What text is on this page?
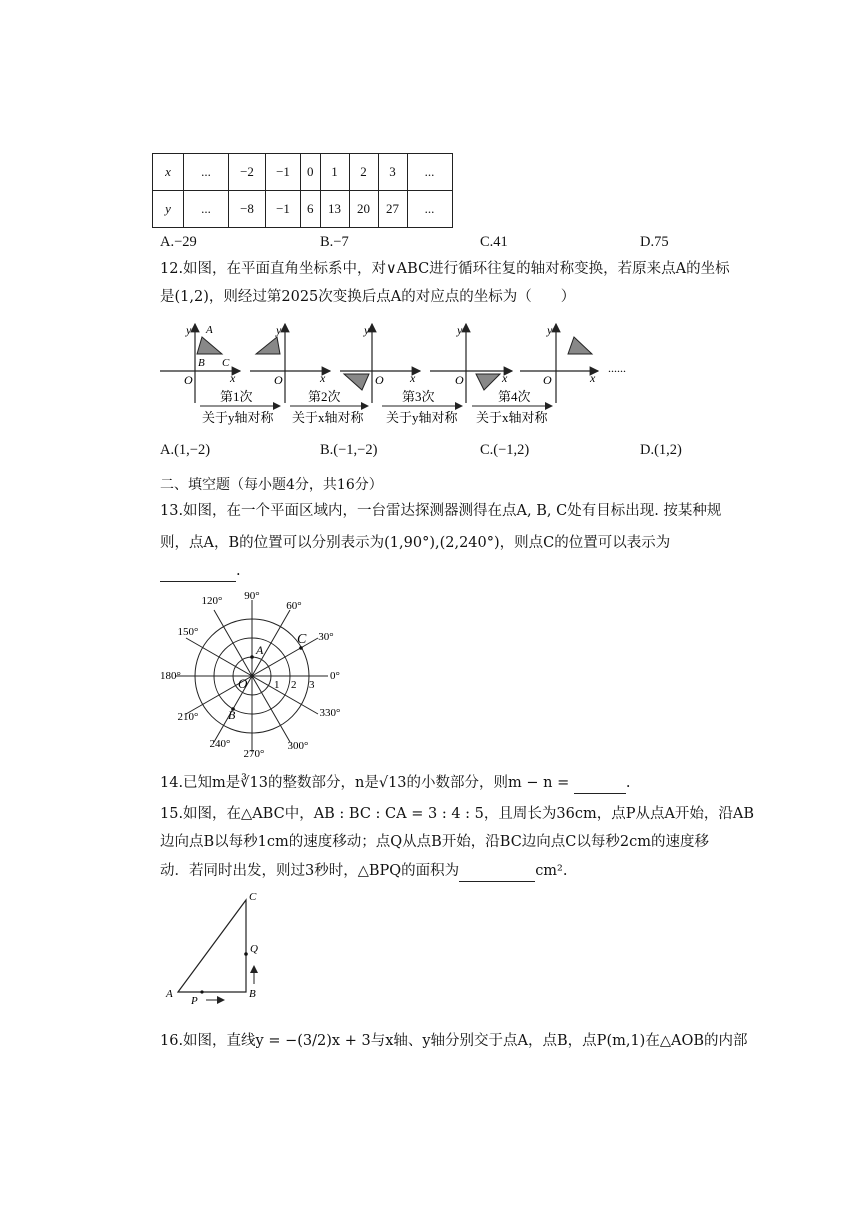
x	...	−2	−1	0	1	2	3	...
y	...	−8	−1	6	13	20	27	...
A.−29	B.−7	C.41	D.75
12.如图，在平面直角坐标系中，对∨ABC进行循环往复的轴对称变换，若原来点A的坐标
是(1,2)，则经过第2025次变换后点A的对应点的坐标为（　　）
y
x
O
A
B C
y
x
O
y
x
O
y
x
O
y
x
O
......
第1次
关于y轴对称
第2次
关于x轴对称
第3次
关于y轴对称
第4次
关于x轴对称
A.(1,−2)	B.(−1,−2)	C.(−1,2)	D.(1,2)
二、填空题（每小题4分，共16分）
13.如图，在一个平面区域内，一台雷达探测器测得在点A, B, C处有目标出现. 按某种规
则，点A，B的位置可以分别表示为(1,90°),(2,240°)，则点C的位置可以表示为
.
90°
60°
30°
0°
330°
300°
270°
240°
210°
180°
150°
120°
1 2 3
O
A
B
C
14.已知m是∛13的整数部分，n是√13的小数部分，则m − n =	.
15.如图，在△ABC中，AB : BC : CA = 3 : 4 : 5，且周长为36cm，点P从点A开始，沿AB
边向点B以每秒1cm的速度移动；点Q从点B开始，沿BC边向点C以每秒2cm的速度移
动．若同时出发，则过3秒时，△BPQ的面积为	cm².
A	B
C
P
Q
16.如图，直线y = −(3/2)x + 3与x轴、y轴分别交于点A，点B，点P(m,1)在△AOB的内部
